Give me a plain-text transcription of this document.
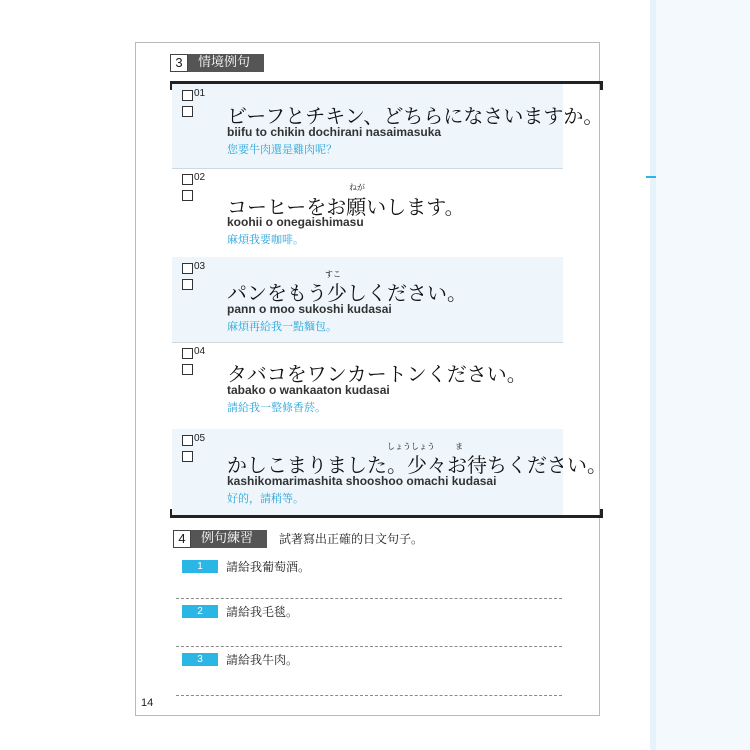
3	情境例句
01
ビーフとチキン、どちらになさいますか。
biifu to chikin dochirani nasaimasuka
您要牛肉還是雞肉呢？
02
ねが
コーヒーをお願いします。
koohii o onegaishimasu
麻煩我要咖啡。
03
すこ
パンをもう少しください。
pann o moo sukoshi kudasai
麻煩再給我一點麵包。
04
タバコをワンカートンください。
tabako o wankaaton kudasai
請給我一整條香菸。
05
しょうしょう	ま
かしこまりました。少々お待ちください。
kashikomarimashita shooshoo omachi kudasai
好的，請稍等。
4	例句練習	試著寫出正確的日文句子。
1	請給我葡萄酒。
2	請給我毛毯。
3	請給我牛肉。
14
